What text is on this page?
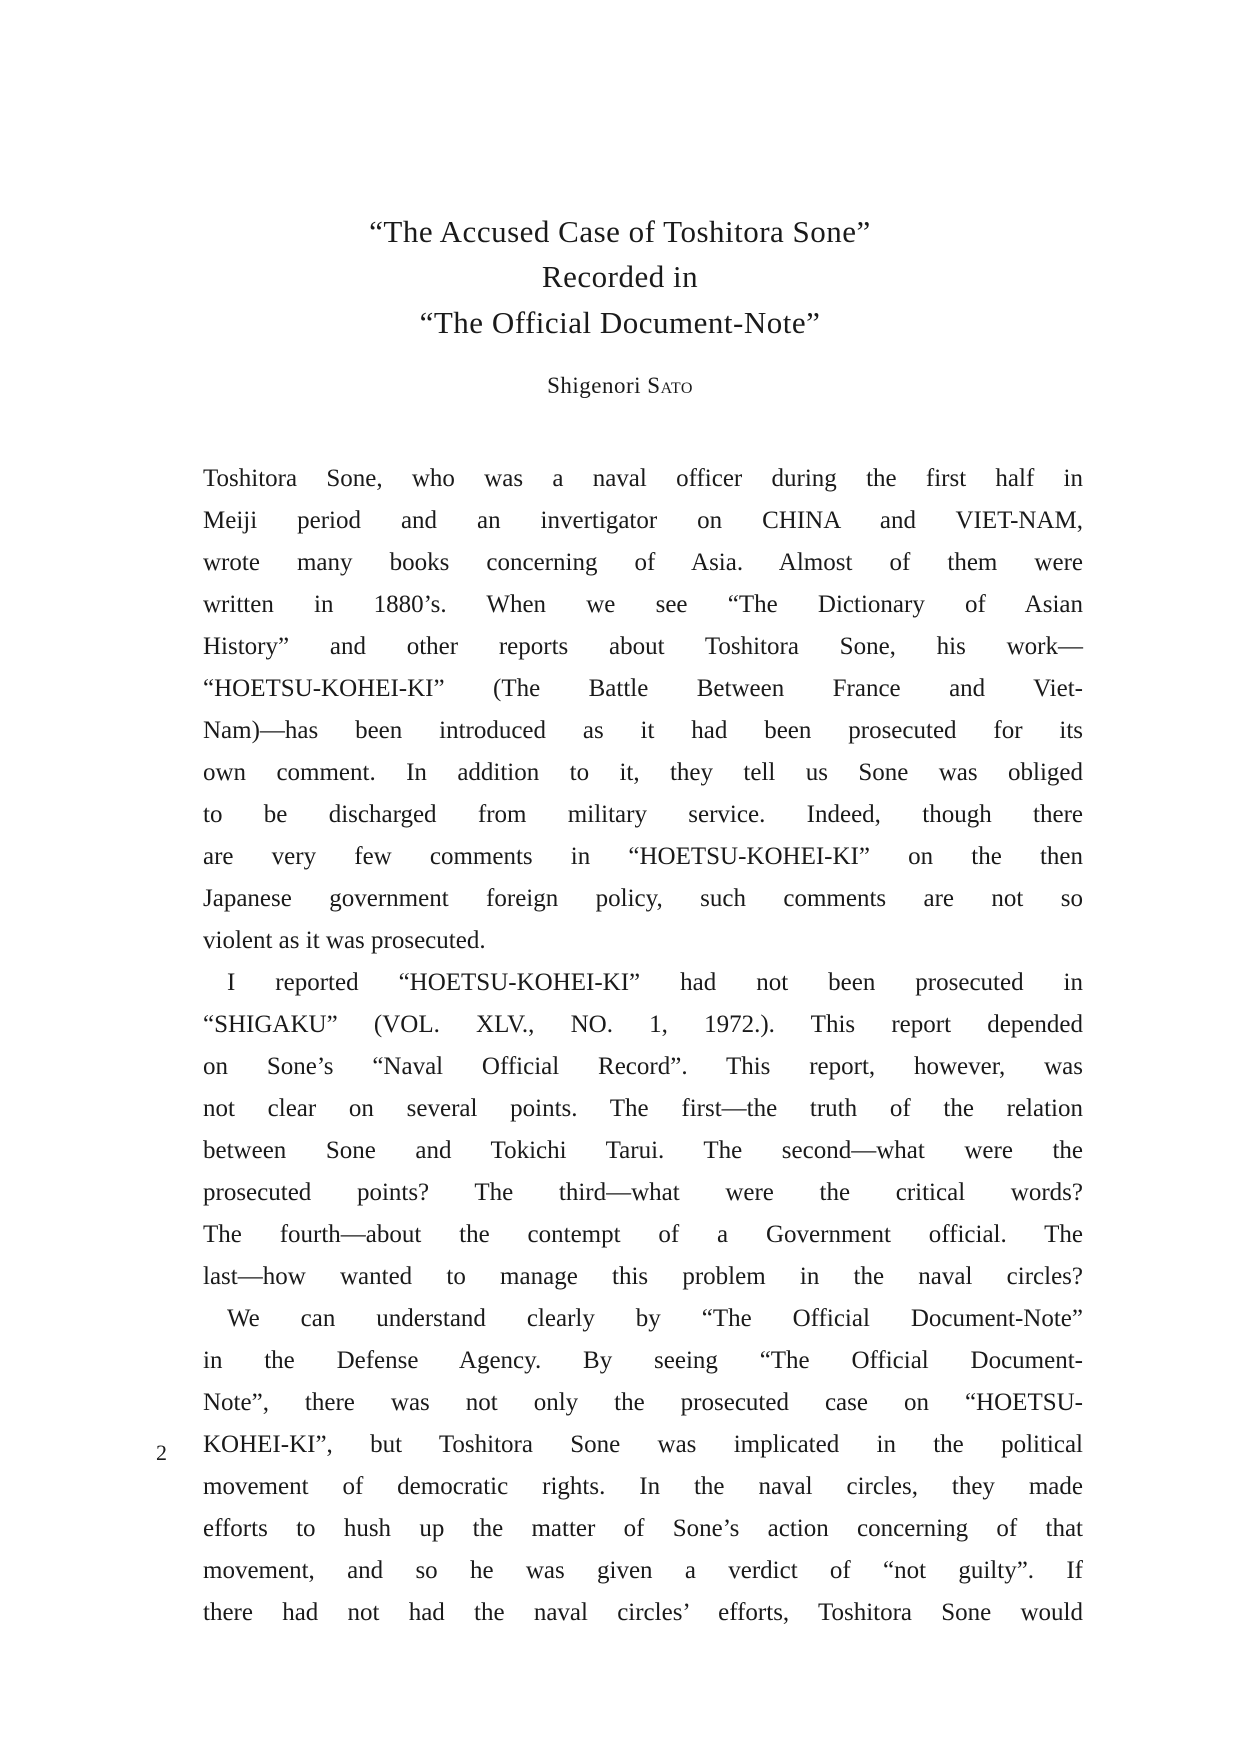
“The Accused Case of Toshitora Sone”
Recorded in
“The Official Document-Note”
Shigenori Sato
Toshitora Sone, who was a naval officer during the first half in
Meiji period and an invertigator on CHINA and VIET-NAM,
wrote many books concerning of Asia. Almost of them were
written in 1880’s. When we see “The Dictionary of Asian
History” and other reports about Toshitora Sone, his work—
“HOETSU-KOHEI-KI” (The Battle Between France and Viet-
Nam)—has been introduced as it had been prosecuted for its
own comment. In addition to it, they tell us Sone was obliged
to be discharged from military service. Indeed, though there
are very few comments in “HOETSU-KOHEI-KI” on the then
Japanese government foreign policy, such comments are not so
violent as it was prosecuted.
I reported “HOETSU-KOHEI-KI” had not been prosecuted in
“SHIGAKU” (VOL. XLV., NO. 1, 1972.). This report depended
on Sone’s “Naval Official Record”. This report, however, was
not clear on several points. The first—the truth of the relation
between Sone and Tokichi Tarui. The second—what were the
prosecuted points? The third—what were the critical words?
The fourth—about the contempt of a Government official. The
last—how wanted to manage this problem in the naval circles?
We can understand clearly by “The Official Document-Note”
in the Defense Agency. By seeing “The Official Document-
Note”, there was not only the prosecuted case on “HOETSU-
KOHEI-KI”, but Toshitora Sone was implicated in the political
movement of democratic rights. In the naval circles, they made
efforts to hush up the matter of Sone’s action concerning of that
movement, and so he was given a verdict of “not guilty”. If
there had not had the naval circles’ efforts, Toshitora Sone would
2
